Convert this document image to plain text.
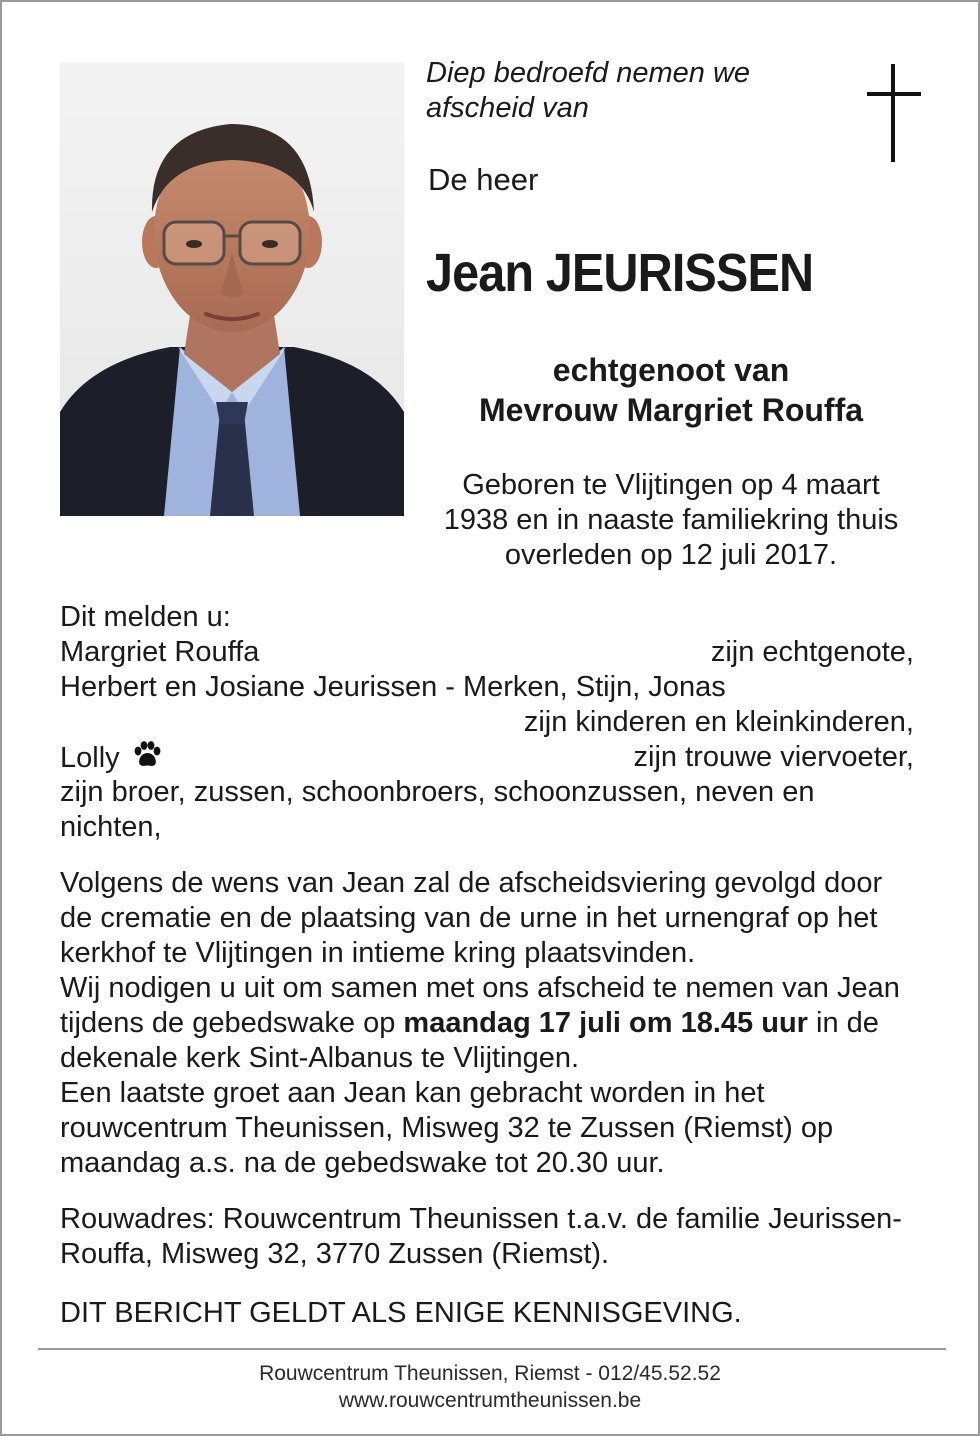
Diep bedroefd nemen we afscheid van
De heer
Jean JEURISSEN
echtgenoot van
Mevrouw Margriet Rouffa
Geboren te Vlijtingen op 4 maart 1938 en in naaste familiekring thuis overleden op 12 juli 2017.
Dit melden u:
Margriet Rouffa	zijn echtgenote,
Herbert en Josiane Jeurissen - Merken, Stijn, Jonas
zijn kinderen en kleinkinderen,
Lolly	zijn trouwe viervoeter,
zijn broer, zussen, schoonbroers, schoonzussen, neven en nichten,
Volgens de wens van Jean zal de afscheidsviering gevolgd door de crematie en de plaatsing van de urne in het urnengraf op het kerkhof te Vlijtingen in intieme kring plaatsvinden.
Wij nodigen u uit om samen met ons afscheid te nemen van Jean tijdens de gebedswake op maandag 17 juli om 18.45 uur in de dekenale kerk Sint-Albanus te Vlijtingen.
Een laatste groet aan Jean kan gebracht worden in het rouwcentrum Theunissen, Misweg 32 te Zussen (Riemst) op maandag a.s. na de gebedswake tot 20.30 uur.
Rouwadres: Rouwcentrum Theunissen t.a.v. de familie Jeurissen-Rouffa, Misweg 32, 3770 Zussen (Riemst).
DIT BERICHT GELDT ALS ENIGE KENNISGEVING.
Rouwcentrum Theunissen, Riemst - 012/45.52.52
www.rouwcentrumtheunissen.be
